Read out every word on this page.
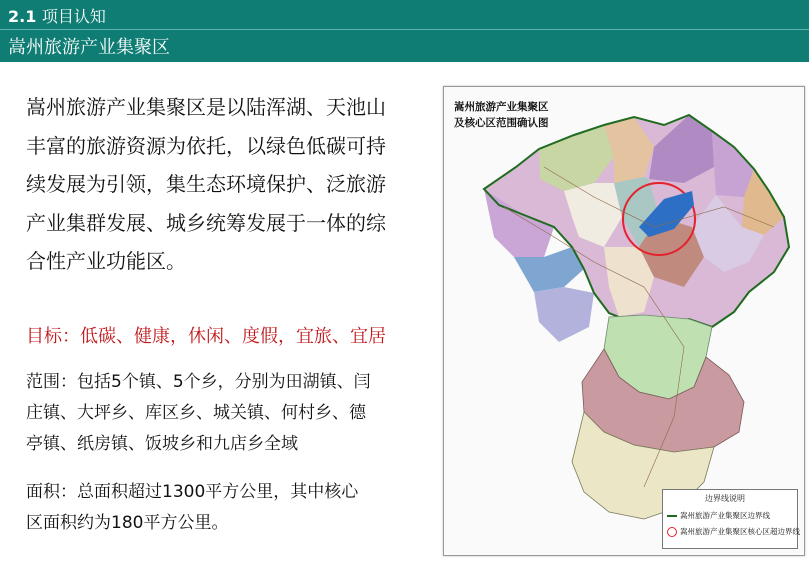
2.1 项目认知
嵩州旅游产业集聚区
嵩州旅游产业集聚区是以陆浑湖、天池山
丰富的旅游资源为依托，以绿色低碳可持
续发展为引领，集生态环境保护、泛旅游
产业集群发展、城乡统筹发展于一体的综
合性产业功能区。
目标：低碳、健康，休闲、度假，宜旅、宜居
范围：包括5个镇、5个乡，分别为田湖镇、闫
庄镇、大坪乡、库区乡、城关镇、何村乡、德
亭镇、纸房镇、饭坡乡和九店乡全域
面积：总面积超过1300平方公里，其中核心
区面积约为180平方公里。
嵩州旅游产业集聚区
及核心区范围确认图
边界线说明
嵩州旅游产业集聚区边界线
嵩州旅游产业集聚区核心区超边界线
